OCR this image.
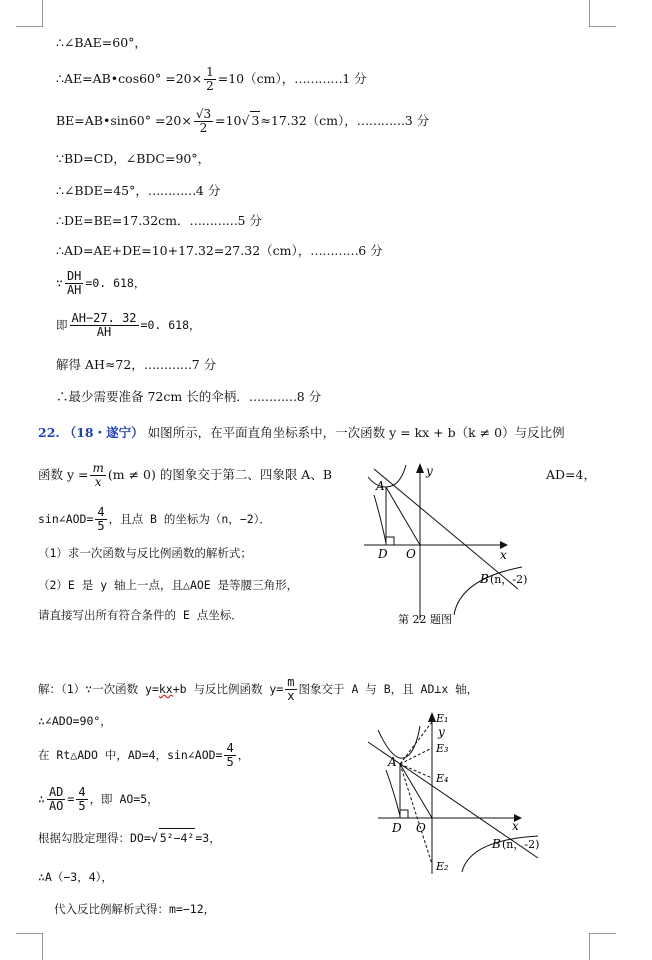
∴∠BAE=60°，
∴AE=AB•cos60° $=20\times \frac{1}{2} =10(cm)$，…………1 分
BE=AB•sin60° $=20\times \frac{√3}{2} =10√$ 3≈17.32（cm），…………3 分
∵BD=CD，∠BDC=90°，
∴∠BDE=45°，…………4 分
∴DE=BE=17.32cm．…………5 分
∴AD=AE+DE=10+17.32=27.32（cm），…………6 分
∵ $\frac{DH}{AH} =0$. 618，
即 $\frac{AH-27. 32}{AH} =0$. 618，
解得 AH≈72，…………7 分
∴最少需要准备 72cm 长的伞柄．…………8 分
22. （18・遂宁） 如图所示，在平面直角坐标系中，一次函数 y = kx + b（k ≠ 0）与反比例
函数 $y = \frac{m}{x} (m \ne 0)$ 的图象交于第二、四象限 A、B	AD=4，
sin∠AOD= $\frac{4}{5}$ ，且点 B 的坐标为（n，−2）．
（1）求一次函数与反比例函数的解析式；
（2）E 是 y 轴上一点，且△AOE 是等腰三角形，
请直接写出所有符合条件的 E 点坐标．
A
D O	x
y
B (n，-2)
第 22 题图
解：（1）∵一次函数 y=kx+b 与反比例函数 $y= \frac{m}{x}$ 图象交于 A 与 B，且 AD⊥x 轴，
∴∠ADO=90°，
在 Rt△ADO 中，AD=4，sin∠AOD= $\frac{4}{5}$ ，
∴ $\frac{AD}{AO} = \frac{4}{5}$ ，即 AO=5，
根据勾股定理得：DO=√ 5²−4²=3，
∴A（−3，4），
代入反比例解析式得：m=−12，
A
D O	x
y
E₁
E₃
E₄
E₂
B (n，-2)
